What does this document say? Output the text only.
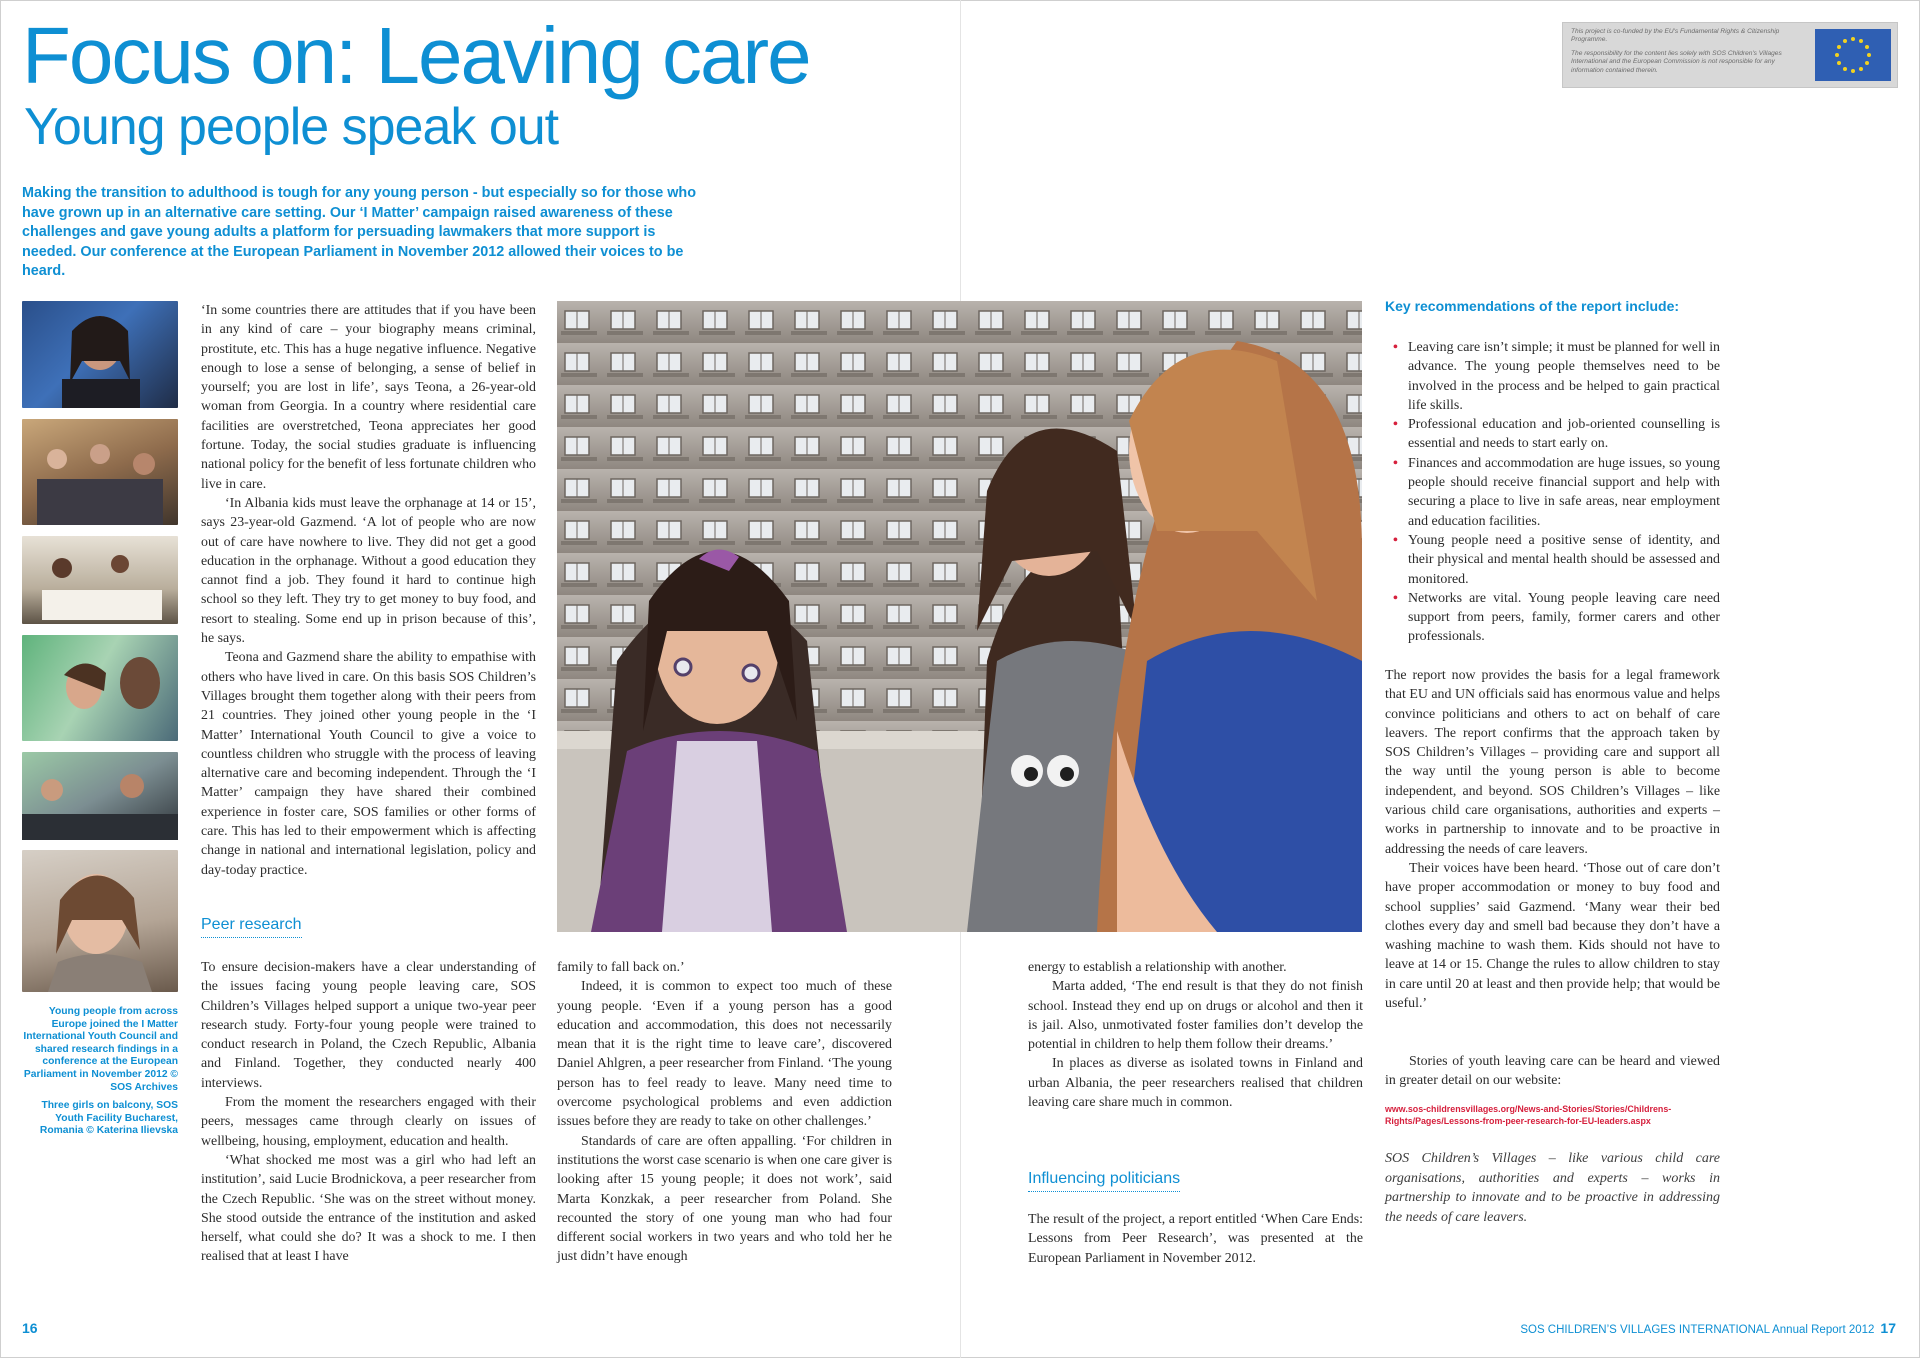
Focus on: Leaving care
Young people speak out
Making the transition to adulthood is tough for any young person - but especially so for those who have grown up in an alternative care setting. Our ‘I Matter’ campaign raised awareness of these challenges and gave young adults a platform for persuading lawmakers that more support is needed. Our conference at the European Parliament in November 2012 allowed their voices to be heard.

This project is co-funded by the EU's Fundamental Rights & Citizenship Programme.

The responsibility for the content lies solely with SOS Children's Villages International and the European Commission is not responsible for any information contained therein.

Young people from across Europe joined the I Matter International Youth Council and shared research findings in a conference at the European Parliament in November 2012 © SOS Archives

Three girls on balcony, SOS Youth Facility Bucharest, Romania © Katerina Ilievska

‘In some countries there are attitudes that if you have been in any kind of care – your biography means criminal, prostitute, etc. This has a huge negative influence. Negative enough to lose a sense of belonging, a sense of belief in yourself; you are lost in life’, says Teona, a 26-year-old woman from Georgia. In a country where residential care facilities are overstretched, Teona appreciates her good fortune. Today, the social studies graduate is influencing national policy for the benefit of less fortunate children who live in care.

‘In Albania kids must leave the orphanage at 14 or 15’, says 23-year-old Gazmend. ‘A lot of people who are now out of care have nowhere to live. They did not get a good education in the orphanage. Without a good education they cannot find a job. They found it hard to continue high school so they left. They try to get money to buy food, and resort to stealing. Some end up in prison because of this’, he says.

Teona and Gazmend share the ability to empathise with others who have lived in care. On this basis SOS Children’s Villages brought them together along with their peers from 21 countries. They joined other young people in the ‘I Matter’ International Youth Council to give a voice to countless children who struggle with the process of leaving alternative care and becoming independent. Through the ‘I Matter’ campaign they have shared their combined experience in foster care, SOS families or other forms of care. This has led to their empowerment which is affecting change in national and international legislation, policy and day-today practice.

Peer research

To ensure decision-makers have a clear understanding of the issues facing young people leaving care, SOS Children’s Villages helped support a unique two-year peer research study. Forty-four young people were trained to conduct research in Poland, the Czech Republic, Albania and Finland. Together, they conducted nearly 400 interviews.

From the moment the researchers engaged with their peers, messages came through clearly on issues of wellbeing, housing, employment, education and health.

‘What shocked me most was a girl who had left an institution’, said Lucie Brodnickova, a peer researcher from the Czech Republic. ‘She was on the street without money. She stood outside the entrance of the institution and asked herself, what could she do? It was a shock to me. I then realised that at least I have

family to fall back on.’

Indeed, it is common to expect too much of these young people. ‘Even if a young person has a good education and accommodation, this does not necessarily mean that it is the right time to leave care’, discovered Daniel Ahlgren, a peer researcher from Finland. ‘The young person has to feel ready to leave. Many need time to overcome psychological problems and even addiction issues before they are ready to take on other challenges.’

Standards of care are often appalling. ‘For children in institutions the worst case scenario is when one care giver is looking after 15 young people; it does not work’, said Marta Konzkak, a peer researcher from Poland. She recounted the story of one young man who had four different social workers in two years and who told her he just didn’t have enough

energy to establish a relationship with another.

Marta added, ‘The end result is that they do not finish school. Instead they end up on drugs or alcohol and then it is jail. Also, unmotivated foster families don’t develop the potential in children to help them follow their dreams.’

In places as diverse as isolated towns in Finland and urban Albania, the peer researchers realised that children leaving care share much in common.

Influencing politicians

The result of the project, a report entitled ‘When Care Ends: Lessons from Peer Research’, was presented at the European Parliament in November 2012.

Key recommendations of the report include:
• Leaving care isn’t simple; it must be planned for well in advance. The young people themselves need to be involved in the process and be helped to gain practical life skills.
• Professional education and job-oriented counselling is essential and needs to start early on.
• Finances and accommodation are huge issues, so young people should receive financial support and help with securing a place to live in safe areas, near employment and education facilities.
• Young people need a positive sense of identity, and their physical and mental health should be assessed and monitored.
• Networks are vital. Young people leaving care need support from peers, family, former carers and other professionals.

The report now provides the basis for a legal framework that EU and UN officials said has enormous value and helps convince politicians and others to act on behalf of care leavers. The report confirms that the approach taken by SOS Children’s Villages – providing care and support all the way until the young person is able to become independent, and beyond. SOS Children’s Villages – like various child care organisations, authorities and experts – works in partnership to innovate and to be proactive in addressing the needs of care leavers.

Their voices have been heard. ‘Those out of care don’t have proper accommodation or money to buy food and school supplies’ said Gazmend. ‘Many wear their bed clothes every day and smell bad because they don’t have a washing machine to wash them. Kids should not have to leave at 14 or 15. Change the rules to allow children to stay in care until 20 at least and then provide help; that would be useful.’

Stories of youth leaving care can be heard and viewed in greater detail on our website:

www.sos-childrensvillages.org/News-and-Stories/Stories/Childrens-Rights/Pages/Lessons-from-peer-research-for-EU-leaders.aspx
SOS Children’s Villages – like various child care organisations, authorities and experts – works in partnership to innovate and to be proactive in addressing the needs of care leavers.
16	SOS CHILDREN’S VILLAGES INTERNATIONAL Annual Report 2012 17
